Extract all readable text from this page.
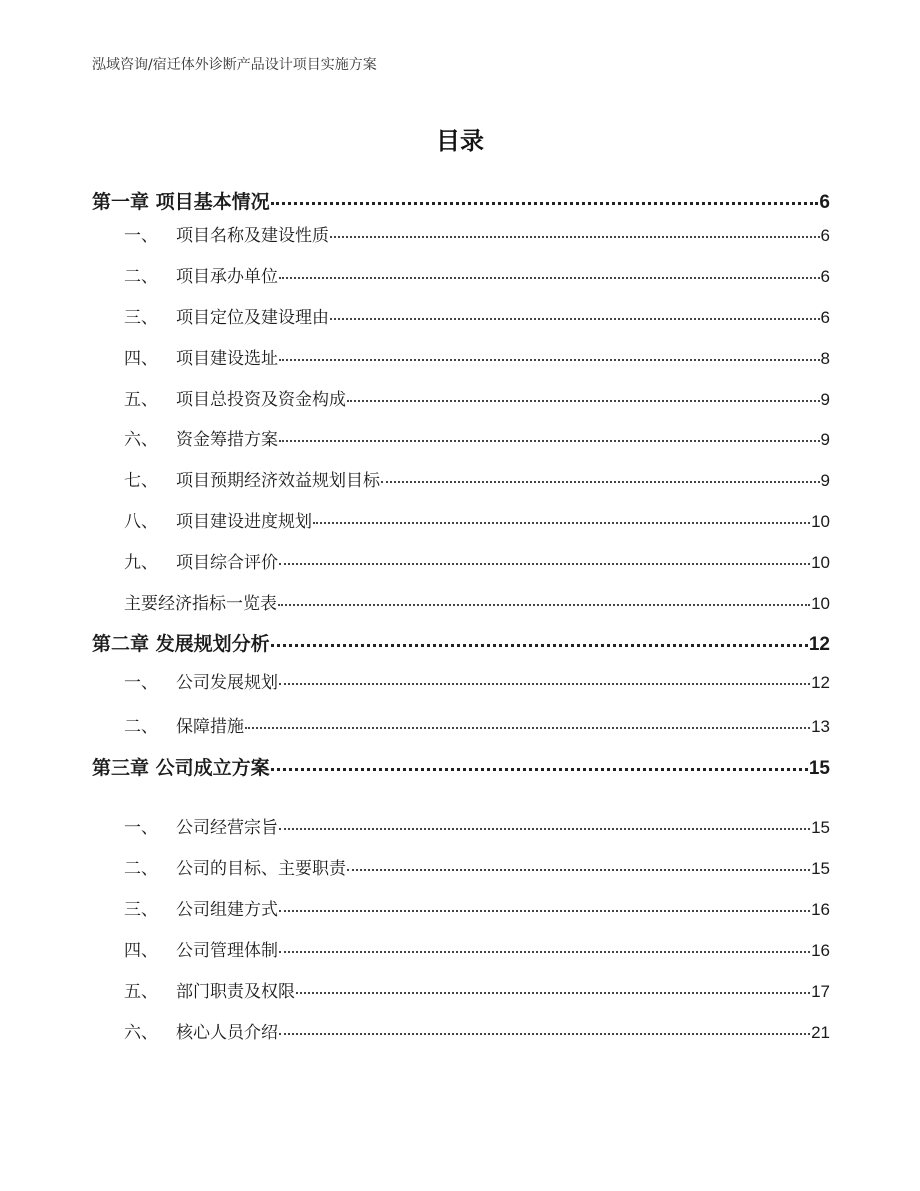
泓域咨询/宿迁体外诊断产品设计项目实施方案
目录
第一章 项目基本情况	6
一、 项目名称及建设性质	6
二、 项目承办单位	6
三、 项目定位及建设理由	6
四、 项目建设选址	8
五、 项目总投资及资金构成	9
六、 资金筹措方案	9
七、 项目预期经济效益规划目标	9
八、 项目建设进度规划	10
九、 项目综合评价	10
主要经济指标一览表	10
第二章 发展规划分析	12
一、 公司发展规划	12
二、 保障措施	13
第三章 公司成立方案	15
一、 公司经营宗旨	15
二、 公司的目标、主要职责	15
三、 公司组建方式	16
四、 公司管理体制	16
五、 部门职责及权限	17
六、 核心人员介绍	21
